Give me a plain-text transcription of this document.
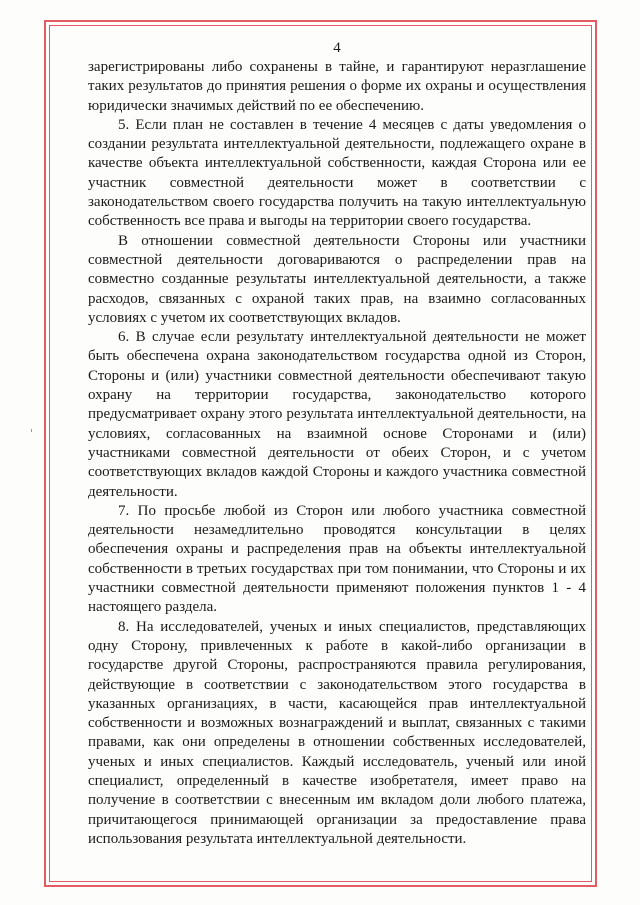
4

зарегистрированы либо сохранены в тайне, и гарантируют неразглашение таких результатов до принятия решения о форме их охраны и осуществления юридически значимых действий по ее обеспечению.

5. Если план не составлен в течение 4 месяцев с даты уведомления о создании результата интеллектуальной деятельности, подлежащего охране в качестве объекта интеллектуальной собственности, каждая Сторона или ее участник совместной деятельности может в соответствии с законодательством своего государства получить на такую интеллектуальную собственность все права и выгоды на территории своего государства.

В отношении совместной деятельности Стороны или участники совместной деятельности договариваются о распределении прав на совместно созданные результаты интеллектуальной деятельности, а также расходов, связанных с охраной таких прав, на взаимно согласованных условиях с учетом их соответствующих вкладов.

6. В случае если результату интеллектуальной деятельности не может быть обеспечена охрана законодательством государства одной из Сторон, Стороны и (или) участники совместной деятельности обеспечивают такую охрану на территории государства, законодательство которого предусматривает охрану этого результата интеллектуальной деятельности, на условиях, согласованных на взаимной основе Сторонами и (или) участниками совместной деятельности от обеих Сторон, и с учетом соответствующих вкладов каждой Стороны и каждого участника совместной деятельности.

7. По просьбе любой из Сторон или любого участника совместной деятельности незамедлительно проводятся консультации в целях обеспечения охраны и распределения прав на объекты интеллектуальной собственности в третьих государствах при том понимании, что Стороны и их участники совместной деятельности применяют положения пунктов 1 - 4 настоящего раздела.

8. На исследователей, ученых и иных специалистов, представляющих одну Сторону, привлеченных к работе в какой-либо организации в государстве другой Стороны, распространяются правила регулирования, действующие в соответствии с законодательством этого государства в указанных организациях, в части, касающейся прав интеллектуальной собственности и возможных вознаграждений и выплат, связанных с такими правами, как они определены в отношении собственных исследователей, ученых и иных специалистов. Каждый исследователь, ученый или иной специалист, определенный в качестве изобретателя, имеет право на получение в соответствии с внесенным им вкладом доли любого платежа, причитающегося принимающей организации за предоставление права использования результата интеллектуальной деятельности.
